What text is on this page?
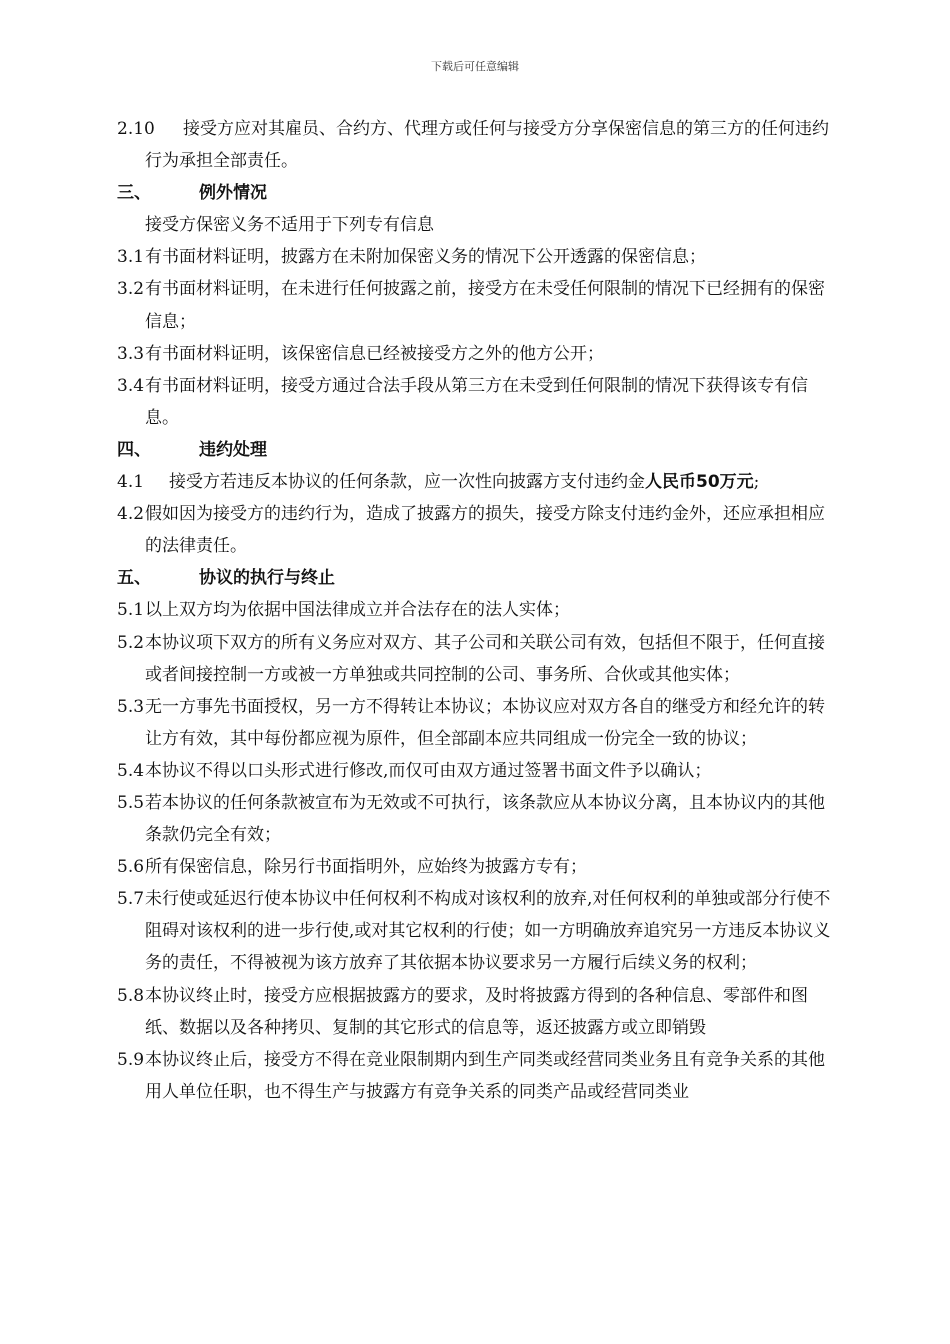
下载后可任意编辑
2.10	接受方应对其雇员、合约方、代理方或任何与接受方分享保密信息的第三方的任何违约行为承担全部责任。
三、	例外情况
接受方保密义务不适用于下列专有信息
3.1 有书面材料证明，披露方在未附加保密义务的情况下公开透露的保密信息；
3.2 有书面材料证明，在未进行任何披露之前，接受方在未受任何限制的情况下已经拥有的保密信息；
3.3 有书面材料证明，该保密信息已经被接受方之外的他方公开；
3.4 有书面材料证明，接受方通过合法手段从第三方在未受到任何限制的情况下获得该专有信息。
四、	违约处理
4.1	接受方若违反本协议的任何条款，应一次性向披露方支付违约金人民币50万元;
4.2 假如因为接受方的违约行为，造成了披露方的损失，接受方除支付违约金外，还应承担相应的法律责任。
五、	协议的执行与终止
5.1 以上双方均为依据中国法律成立并合法存在的法人实体；
5.2 本协议项下双方的所有义务应对双方、其子公司和关联公司有效，包括但不限于，任何直接或者间接控制一方或被一方单独或共同控制的公司、事务所、合伙或其他实体；
5.3 无一方事先书面授权，另一方不得转让本协议；本协议应对双方各自的继受方和经允许的转让方有效，其中每份都应视为原件，但全部副本应共同组成一份完全一致的协议；
5.4 本协议不得以口头形式进行修改,而仅可由双方通过签署书面文件予以确认；
5.5 若本协议的任何条款被宣布为无效或不可执行，该条款应从本协议分离，且本协议内的其他条款仍完全有效；
5.6 所有保密信息，除另行书面指明外，应始终为披露方专有；
5.7 未行使或延迟行使本协议中任何权利不构成对该权利的放弃,对任何权利的单独或部分行使不阻碍对该权利的进一步行使,或对其它权利的行使；如一方明确放弃追究另一方违反本协议义务的责任，不得被视为该方放弃了其依据本协议要求另一方履行后续义务的权利；
5.8 本协议终止时，接受方应根据披露方的要求，及时将披露方得到的各种信息、零部件和图纸、数据以及各种拷贝、复制的其它形式的信息等，返还披露方或立即销毁
5.9 本协议终止后，接受方不得在竞业限制期内到生产同类或经营同类业务且有竞争关系的其他用人单位任职，也不得生产与披露方有竞争关系的同类产品或经营同类业
